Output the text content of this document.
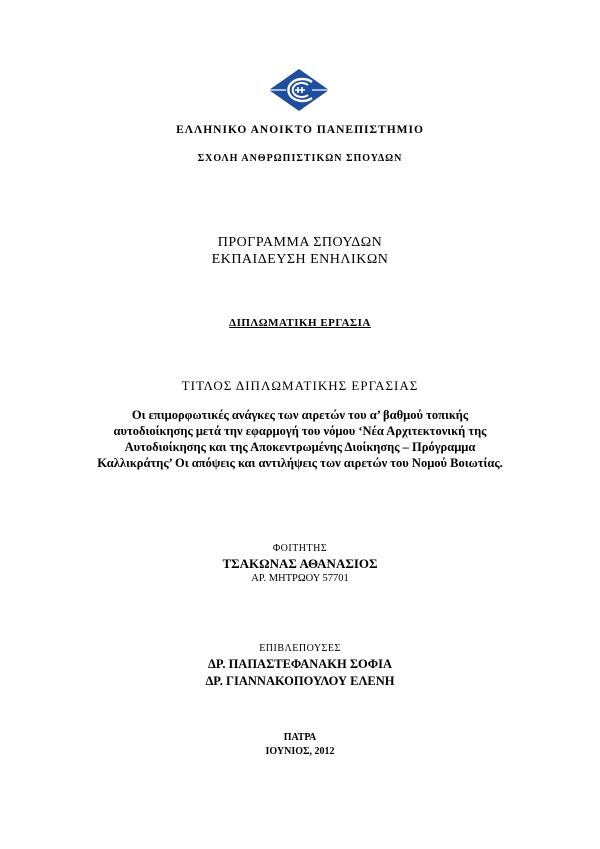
ΕΛΛΗΝΙΚΟ ΑΝΟΙΚΤΟ ΠΑΝΕΠΙΣΤΗΜΙΟ
ΣΧΟΛΗ ΑΝΘΡΩΠΙΣΤΙΚΩΝ ΣΠΟΥΔΩΝ
ΠΡΟΓΡΑΜΜΑ ΣΠΟΥΔΩΝ
ΕΚΠΑΙΔΕΥΣΗ ΕΝΗΛΙΚΩΝ
ΔΙΠΛΩΜΑΤΙΚΗ ΕΡΓΑΣΙΑ
ΤΙΤΛΟΣ ΔΙΠΛΩΜΑΤΙΚΗΣ ΕΡΓΑΣΙΑΣ
Οι επιμορφωτικές ανάγκες των αιρετών του α’ βαθμού τοπικής αυτοδιοίκησης μετά την εφαρμογή του νόμου ‘Νέα Αρχιτεκτονική της Αυτοδιοίκησης και της Αποκεντρωμένης Διοίκησης – Πρόγραμμα Καλλικράτης’ Οι απόψεις και αντιλήψεις των αιρετών του Νομού Βοιωτίας.
ΦΟΙΤΗΤΗΣ
ΤΣΑΚΩΝΑΣ ΑΘΑΝΑΣΙΟΣ
ΑΡ. ΜΗΤΡΩΟΥ 57701
ΕΠΙΒΛΕΠΟΥΣΕΣ
ΔΡ. ΠΑΠΑΣΤΕΦΑΝΑΚΗ ΣΟΦΙΑ
ΔΡ. ΓΙΑΝΝΑΚΟΠΟΥΛΟΥ ΕΛΕΝΗ
ΠΑΤΡΑ
ΙΟΥΝΙΟΣ, 2012
